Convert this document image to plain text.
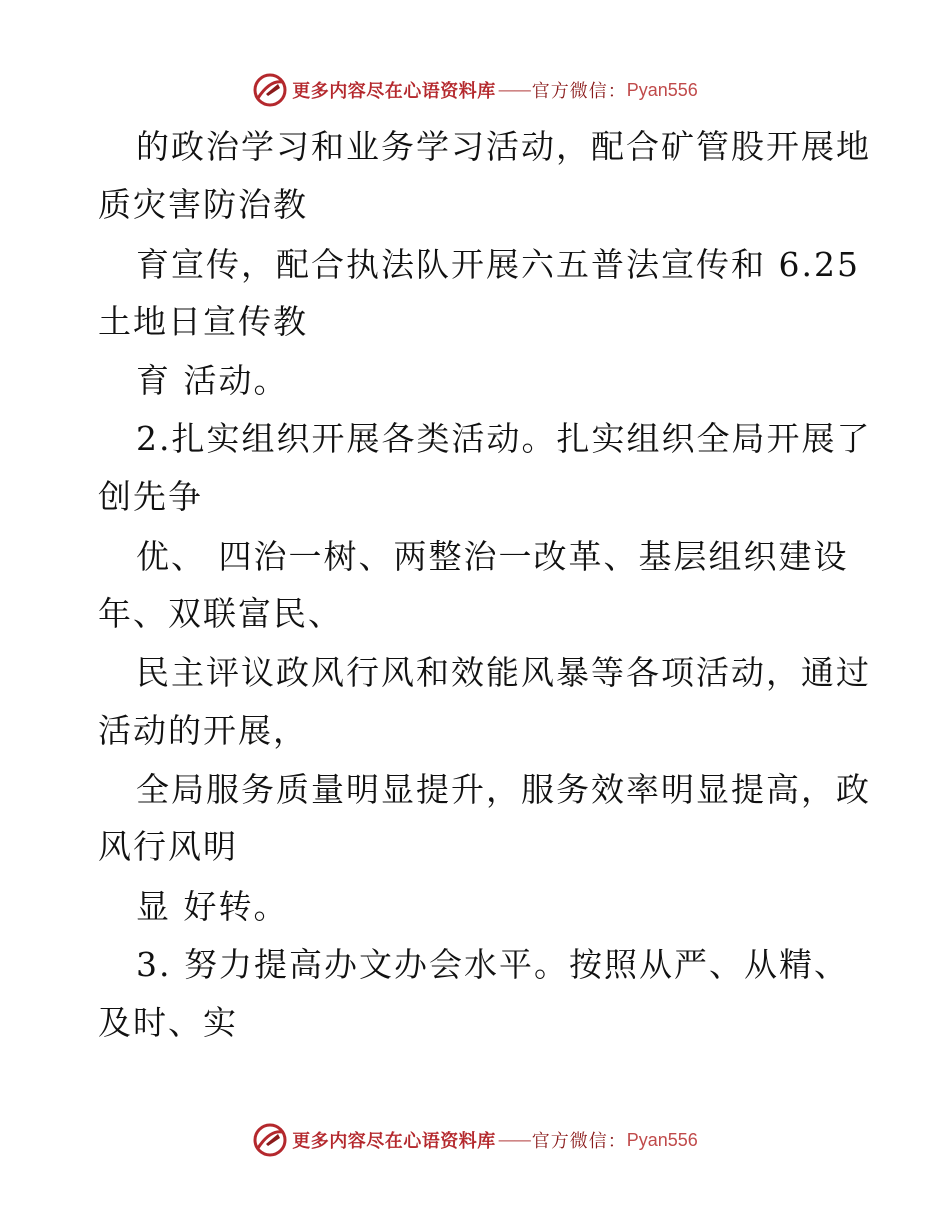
更多内容尽在心语资料库 —— 官方微信： Pyan556
的政治学习和业务学习活动，配合矿管股开展地
质灾害防治教
育宣传，配合执法队开展六五普法宣传和 6.25
土地日宣传教
育 活动。
2.扎实组织开展各类活动。扎实组织全局开展了
创先争
优、 四治一树、两整治一改革、基层组织建设
年、双联富民、
民主评议政风行风和效能风暴等各项活动，通过
活动的开展，
全局服务质量明显提升，服务效率明显提高，政
风行风明
显 好转。
3. 努力提高办文办会水平。按照从严、从精、
及时、实
更多内容尽在心语资料库 —— 官方微信： Pyan556
